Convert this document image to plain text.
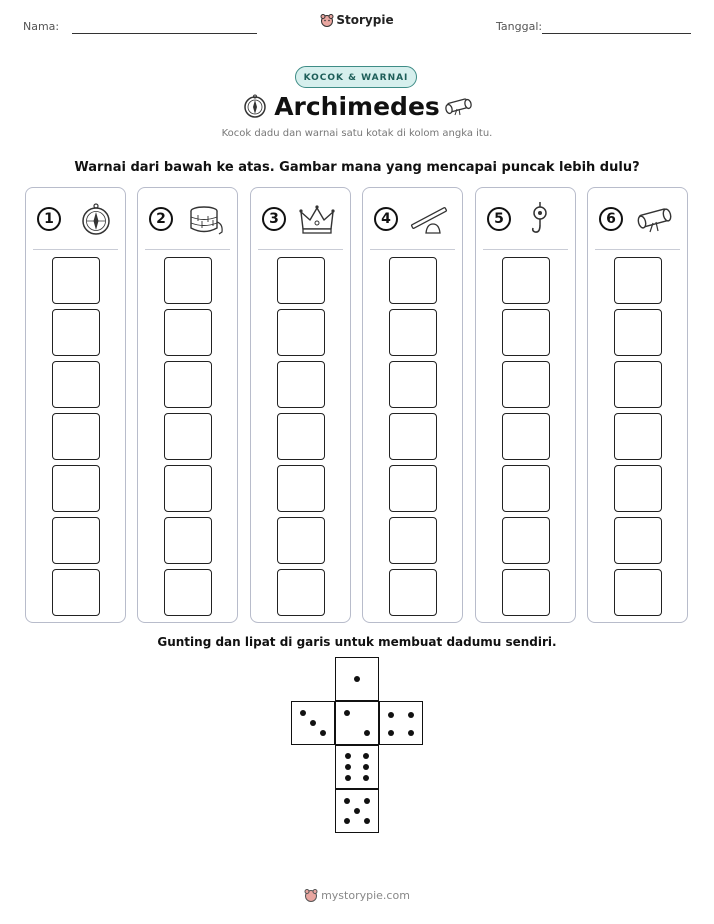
Nama:	Storypie	Tanggal:
KOCOK & WARNAI
Archimedes
Kocok dadu dan warnai satu kotak di kolom angka itu.
Warnai dari bawah ke atas. Gambar mana yang mencapai puncak lebih dulu?
1	2	3	4	5	6
Gunting dan lipat di garis untuk membuat dadumu sendiri.
mystorypie.com
